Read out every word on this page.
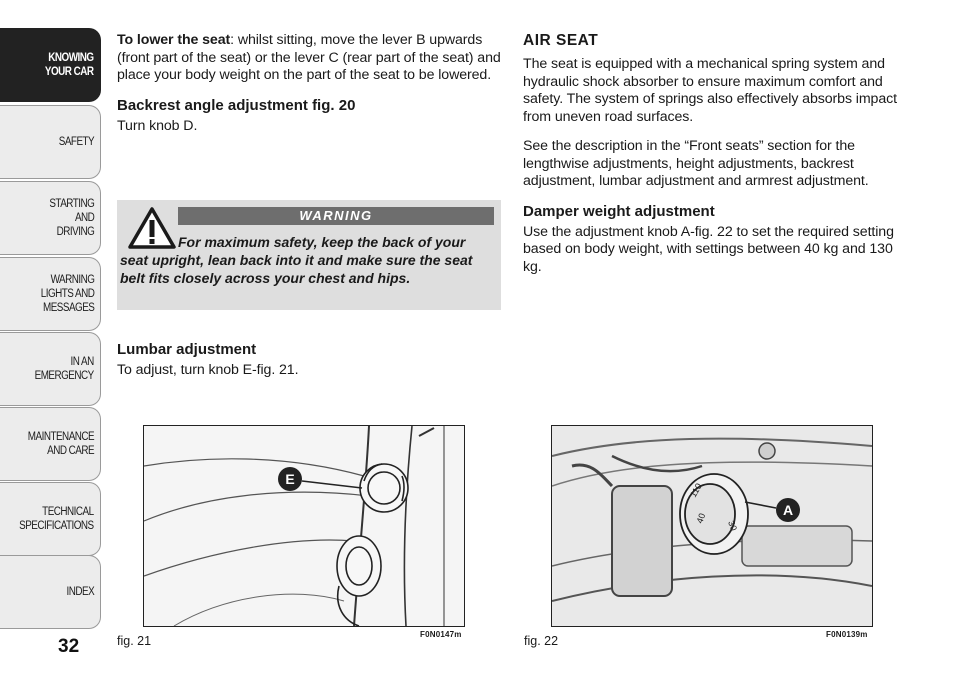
KNOWING
YOUR CAR
SAFETY
STARTING
AND
DRIVING
WARNING
LIGHTS AND
MESSAGES
IN AN
EMERGENCY
MAINTENANCE
AND CARE
TECHNICAL
SPECIFICATIONS
INDEX
32

To lower the seat: whilst sitting, move the lever B upwards (front part of the seat) or the lever C (rear part of the seat) and place your body weight on the part of the seat to be lowered.

Backrest angle adjustment fig. 20

Turn knob D.

WARNING
For maximum safety, keep the back of your seat upright, lean back into it and make sure the seat belt fits closely across your chest and hips.
Lumbar adjustment

To adjust, turn knob E-fig. 21.

AIR SEAT

The seat is equipped with a mechanical spring system and hydraulic shock absorber to ensure maximum comfort and safety. The system of springs also effectively absorbs impact from uneven road surfaces.

See the description in the “Front seats” section for the lengthwise adjustments, height adjustments, backrest adjustment, lumbar adjustment and armrest adjustment.

Damper weight adjustment

Use the adjustment knob A-fig. 22 to set the required setting based on body weight, with settings between 40 kg and 130 kg.

E
fig. 21	F0N0147m
110
30
40
A
fig. 22	F0N0139m
